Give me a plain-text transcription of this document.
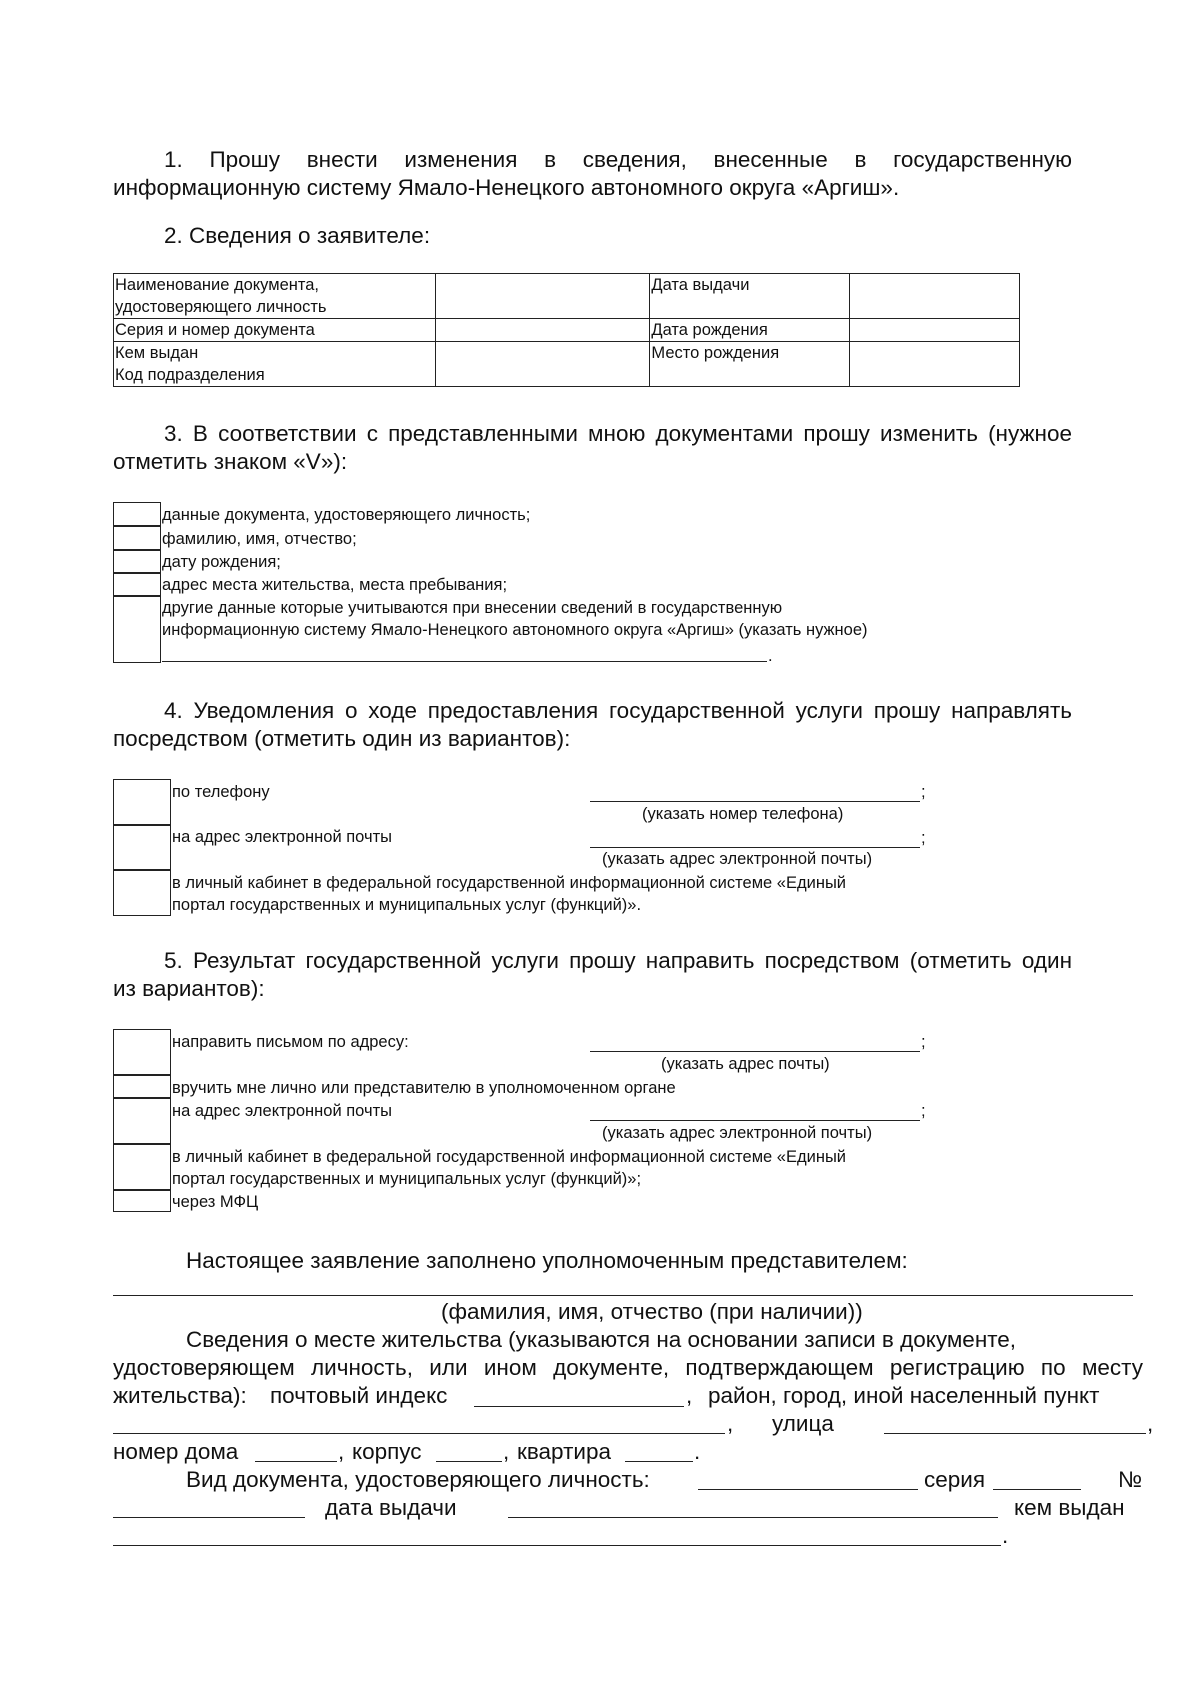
1. Прошу внести изменения в сведения, внесенные в государственную
информационную систему Ямало-Ненецкого автономного округа «Аргиш».
2. Сведения о заявителе:
Наименование документа,
удостоверяющего личность		Дата выдачи	
Серия и номер документа		Дата рождения	

Кем выдан
Код подразделения		Место рождения	
3. В соответствии с представленными мною документами прошу изменить (нужное
отметить знаком «V»):
данные документа, удостоверяющего личность;
фамилию, имя, отчество;
дату рождения;
адрес места жительства, места пребывания;
другие данные которые учитываются при внесении сведений в государственную
информационную систему Ямало-Ненецкого автономного округа «Аргиш» (указать нужное)
.
4. Уведомления о ходе предоставления государственной услуги прошу направлять
посредством (отметить один из вариантов):
по телефону	;
(указать номер телефона)
на адрес электронной почты	;
(указать адрес электронной почты)
в личный кабинет в федеральной государственной информационной системе «Единый
портал государственных и муниципальных услуг (функций)».
5. Результат государственной услуги прошу направить посредством (отметить один
из вариантов):
направить письмом по адресу:	;
(указать адрес почты)
вручить мне лично или представителю в уполномоченном органе
на адрес электронной почты	;
(указать адрес электронной почты)
в личный кабинет в федеральной государственной информационной системе «Единый
портал государственных и муниципальных услуг (функций)»;
через МФЦ
Настоящее заявление заполнено уполномоченным представителем:
(фамилия, имя, отчество (при наличии))
Сведения о месте жительства (указываются на основании записи в документе,
удостоверяющем личность, или ином документе, подтверждающем регистрацию по месту
жительства): почтовый индекс	, район, город, иной населенный пункт
, улица	,
номер дома	, корпус	, квартира	.
Вид документа, удостоверяющего личность:	серия	№
дата выдачи	кем выдан
.
